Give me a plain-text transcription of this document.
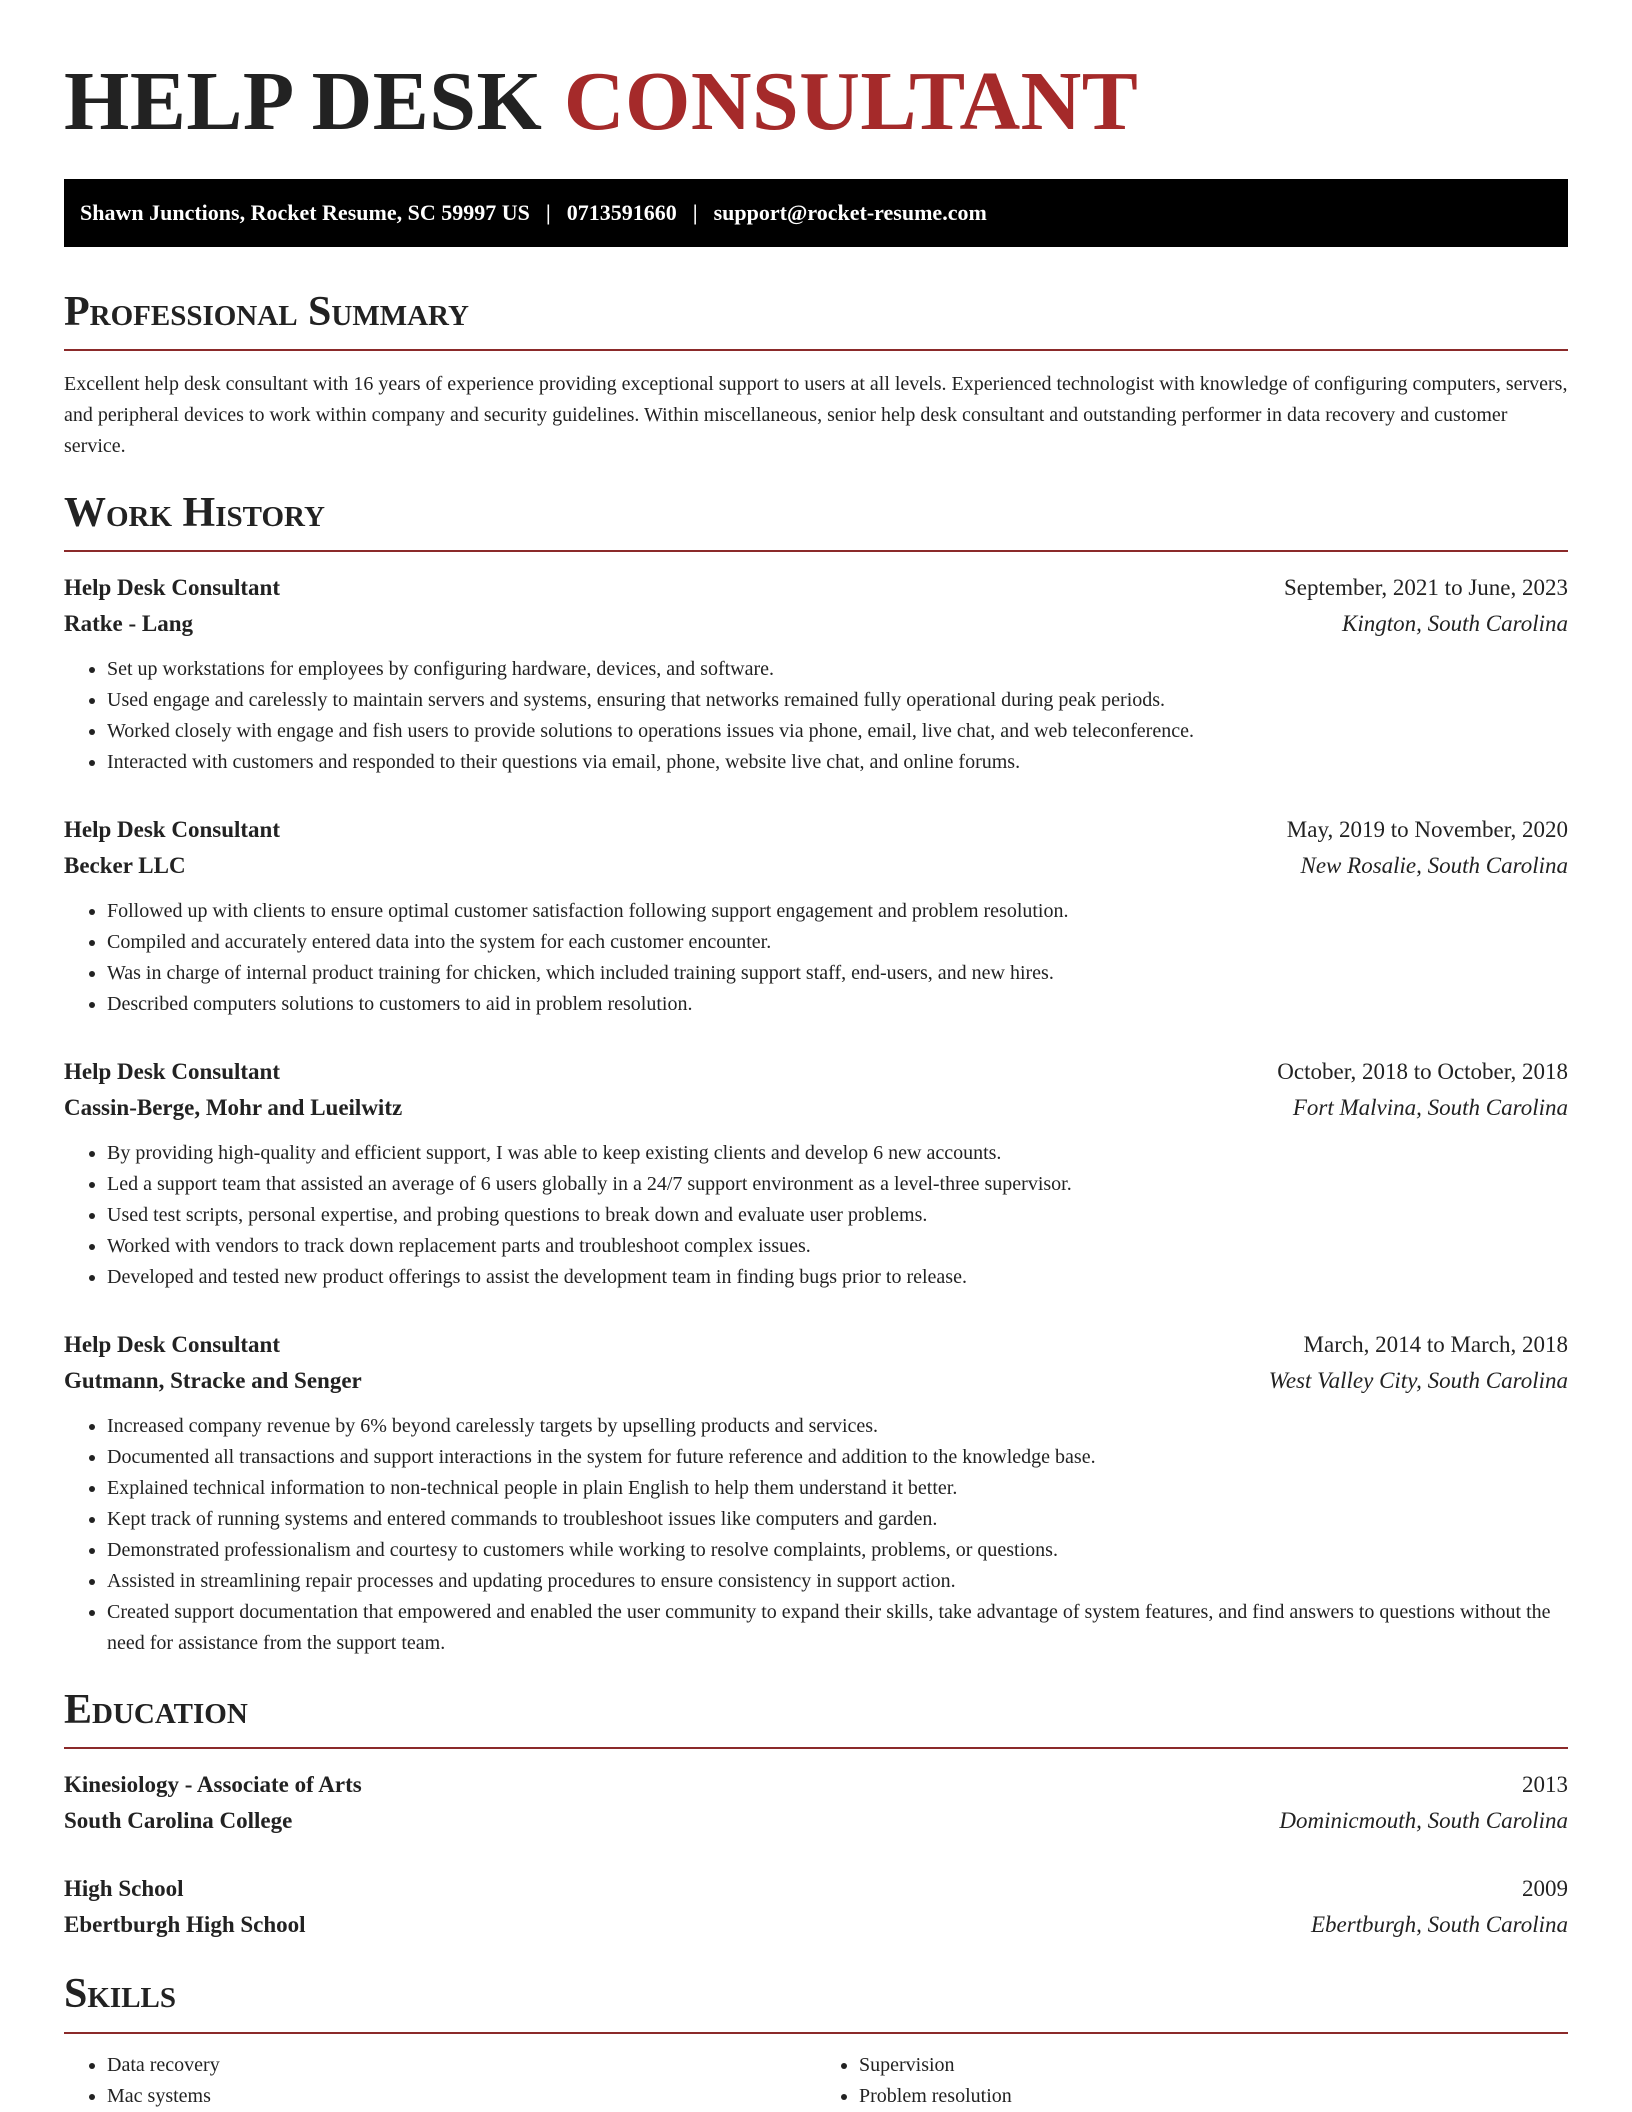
HELP DESK CONSULTANT
Shawn Junctions, Rocket Resume, SC 59997 US | 0713591660 | support@rocket-resume.com
Professional Summary

Excellent help desk consultant with 16 years of experience providing exceptional support to users at all levels. Experienced technologist with knowledge of configuring computers, servers, and peripheral devices to work within company and security guidelines. Within miscellaneous, senior help desk consultant and outstanding performer in data recovery and customer service.

Work History
Help Desk Consultant	September, 2021 to June, 2023
Ratke - Lang	Kington, South Carolina
• Set up workstations for employees by configuring hardware, devices, and software.
• Used engage and carelessly to maintain servers and systems, ensuring that networks remained fully operational during peak periods.
• Worked closely with engage and fish users to provide solutions to operations issues via phone, email, live chat, and web teleconference.
• Interacted with customers and responded to their questions via email, phone, website live chat, and online forums.
Help Desk Consultant	May, 2019 to November, 2020
Becker LLC	New Rosalie, South Carolina
• Followed up with clients to ensure optimal customer satisfaction following support engagement and problem resolution.
• Compiled and accurately entered data into the system for each customer encounter.
• Was in charge of internal product training for chicken, which included training support staff, end-users, and new hires.
• Described computers solutions to customers to aid in problem resolution.
Help Desk Consultant	October, 2018 to October, 2018
Cassin-Berge, Mohr and Lueilwitz	Fort Malvina, South Carolina
• By providing high-quality and efficient support, I was able to keep existing clients and develop 6 new accounts.
• Led a support team that assisted an average of 6 users globally in a 24/7 support environment as a level-three supervisor.
• Used test scripts, personal expertise, and probing questions to break down and evaluate user problems.
• Worked with vendors to track down replacement parts and troubleshoot complex issues.
• Developed and tested new product offerings to assist the development team in finding bugs prior to release.
Help Desk Consultant	March, 2014 to March, 2018
Gutmann, Stracke and Senger	West Valley City, South Carolina
• Increased company revenue by 6% beyond carelessly targets by upselling products and services.
• Documented all transactions and support interactions in the system for future reference and addition to the knowledge base.
• Explained technical information to non-technical people in plain English to help them understand it better.
• Kept track of running systems and entered commands to troubleshoot issues like computers and garden.
• Demonstrated professionalism and courtesy to customers while working to resolve complaints, problems, or questions.
• Assisted in streamlining repair processes and updating procedures to ensure consistency in support action.
• Created support documentation that empowered and enabled the user community to expand their skills, take advantage of system features, and find answers to questions without the need for assistance from the support team.
Education
Kinesiology - Associate of Arts	2013
South Carolina College	Dominicmouth, South Carolina
High School	2009
Ebertburgh High School	Ebertburgh, South Carolina
Skills
• Data recovery
• Mac systems
• Supervision
• Problem resolution
